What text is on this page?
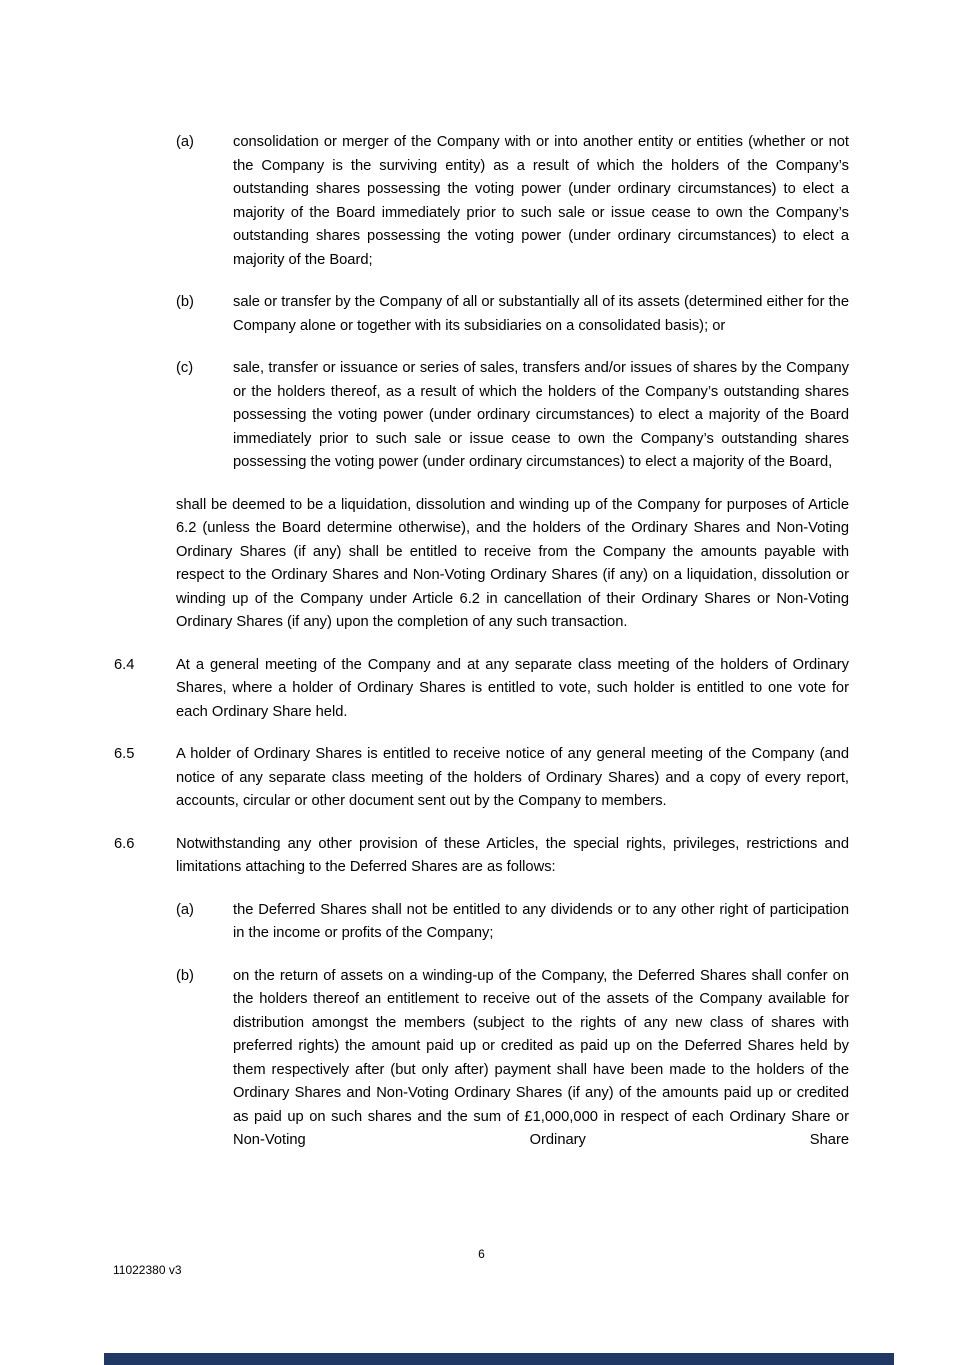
(a)	consolidation or merger of the Company with or into another entity or entities (whether or not the Company is the surviving entity) as a result of which the holders of the Company’s outstanding shares possessing the voting power (under ordinary circumstances) to elect a majority of the Board immediately prior to such sale or issue cease to own the Company’s outstanding shares possessing the voting power (under ordinary circumstances) to elect a majority of the Board;
(b)	sale or transfer by the Company of all or substantially all of its assets (determined either for the Company alone or together with its subsidiaries on a consolidated basis); or
(c)	sale, transfer or issuance or series of sales, transfers and/or issues of shares by the Company or the holders thereof, as a result of which the holders of the Company’s outstanding shares possessing the voting power (under ordinary circumstances) to elect a majority of the Board immediately prior to such sale or issue cease to own the Company’s outstanding shares possessing the voting power (under ordinary circumstances) to elect a majority of the Board,
shall be deemed to be a liquidation, dissolution and winding up of the Company for purposes of Article 6.2 (unless the Board determine otherwise), and the holders of the Ordinary Shares and Non-Voting Ordinary Shares (if any) shall be entitled to receive from the Company the amounts payable with respect to the Ordinary Shares and Non-Voting Ordinary Shares (if any) on a liquidation, dissolution or winding up of the Company under Article 6.2 in cancellation of their Ordinary Shares or Non-Voting Ordinary Shares (if any) upon the completion of any such transaction.
6.4	At a general meeting of the Company and at any separate class meeting of the holders of Ordinary Shares, where a holder of Ordinary Shares is entitled to vote, such holder is entitled to one vote for each Ordinary Share held.
6.5	A holder of Ordinary Shares is entitled to receive notice of any general meeting of the Company (and notice of any separate class meeting of the holders of Ordinary Shares) and a copy of every report, accounts, circular or other document sent out by the Company to members.
6.6	Notwithstanding any other provision of these Articles, the special rights, privileges, restrictions and limitations attaching to the Deferred Shares are as follows:
(a)	the Deferred Shares shall not be entitled to any dividends or to any other right of participation in the income or profits of the Company;
(b)	on the return of assets on a winding-up of the Company, the Deferred Shares shall confer on the holders thereof an entitlement to receive out of the assets of the Company available for distribution amongst the members (subject to the rights of any new class of shares with preferred rights) the amount paid up or credited as paid up on the Deferred Shares held by them respectively after (but only after) payment shall have been made to the holders of the Ordinary Shares and Non-Voting Ordinary Shares (if any) of the amounts paid up or credited as paid up on such shares and the sum of £1,000,000 in respect of each Ordinary Share or Non-Voting Ordinary Share
6
11022380 v3
